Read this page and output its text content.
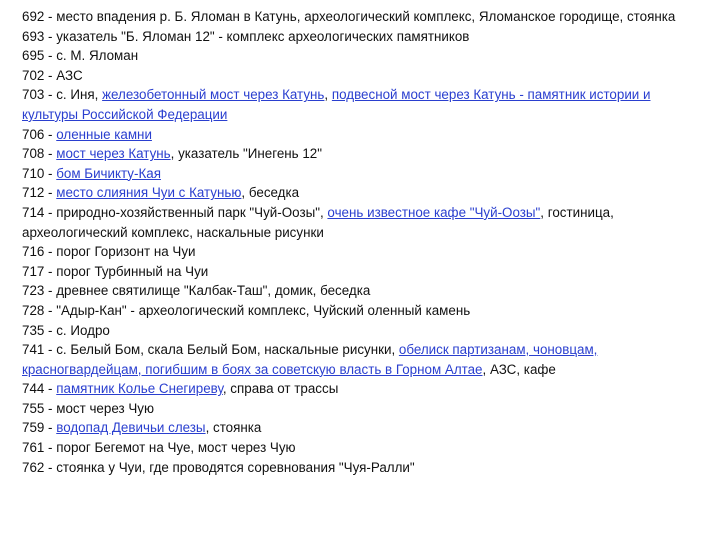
692 - место впадения р. Б. Яломан в Катунь, археологический комплекс, Яломанское городище, стоянка

693 - указатель "Б. Яломан 12" - комплекс археологических памятников

695 - с. М. Яломан

702 - АЗС

703 - с. Иня, железобетонный мост через Катунь, подвесной мост через Катунь - памятник истории и культуры Российской Федерации

706 - оленные камни

708 - мост через Катунь, указатель "Инегень 12"

710 - бом Бичикту-Кая

712 - место слияния Чуи с Катунью, беседка

714 - природно-хозяйственный парк "Чуй-Оозы", очень известное кафе "Чуй-Оозы", гостиница, археологический комплекс, наскальные рисунки

716 - порог Горизонт на Чуи

717 - порог Турбинный на Чуи

723 - древнее святилище "Калбак-Таш", домик, беседка

728 - "Адыр-Кан" - археологический комплекс, Чуйский оленный камень

735 - с. Иодро

741 - с. Белый Бом, скала Белый Бом, наскальные рисунки, обелиск партизанам, чоновцам, красногвардейцам, погибшим в боях за советскую власть в Горном Алтае, АЗС, кафе

744 - памятник Колье Снегиреву, справа от трассы

755 - мост через Чую

759 - водопад Девичьи слезы, стоянка

761 - порог Бегемот на Чуе, мост через Чую

762 - стоянка у Чуи, где проводятся соревнования "Чуя-Ралли"
